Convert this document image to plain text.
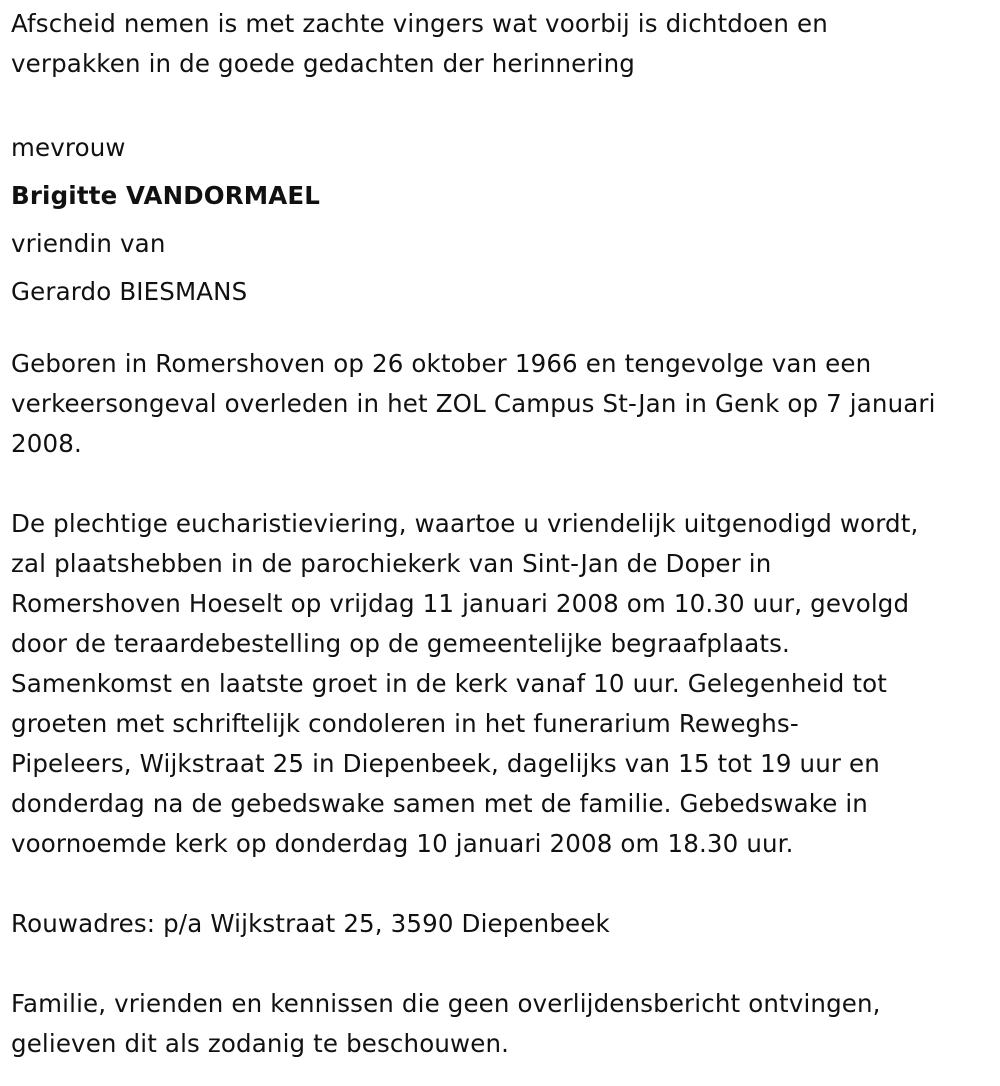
Afscheid nemen is met zachte vingers wat voorbij is dichtdoen en
verpakken in de goede gedachten der herinnering
mevrouw
Brigitte VANDORMAEL
vriendin van
Gerardo BIESMANS
Geboren in Romershoven op 26 oktober 1966 en tengevolge van een
verkeersongeval overleden in het ZOL Campus St-Jan in Genk op 7 januari
2008.
De plechtige eucharistieviering, waartoe u vriendelijk uitgenodigd wordt,
zal plaatshebben in de parochiekerk van Sint-Jan de Doper in
Romershoven Hoeselt op vrijdag 11 januari 2008 om 10.30 uur, gevolgd
door de teraardebestelling op de gemeentelijke begraafplaats.
Samenkomst en laatste groet in de kerk vanaf 10 uur. Gelegenheid tot
groeten met schriftelijk condoleren in het funerarium Reweghs-
Pipeleers, Wijkstraat 25 in Diepenbeek, dagelijks van 15 tot 19 uur en
donderdag na de gebedswake samen met de familie. Gebedswake in
voornoemde kerk op donderdag 10 januari 2008 om 18.30 uur.
Rouwadres: p/a Wijkstraat 25, 3590 Diepenbeek
Familie, vrienden en kennissen die geen overlijdensbericht ontvingen,
gelieven dit als zodanig te beschouwen.
